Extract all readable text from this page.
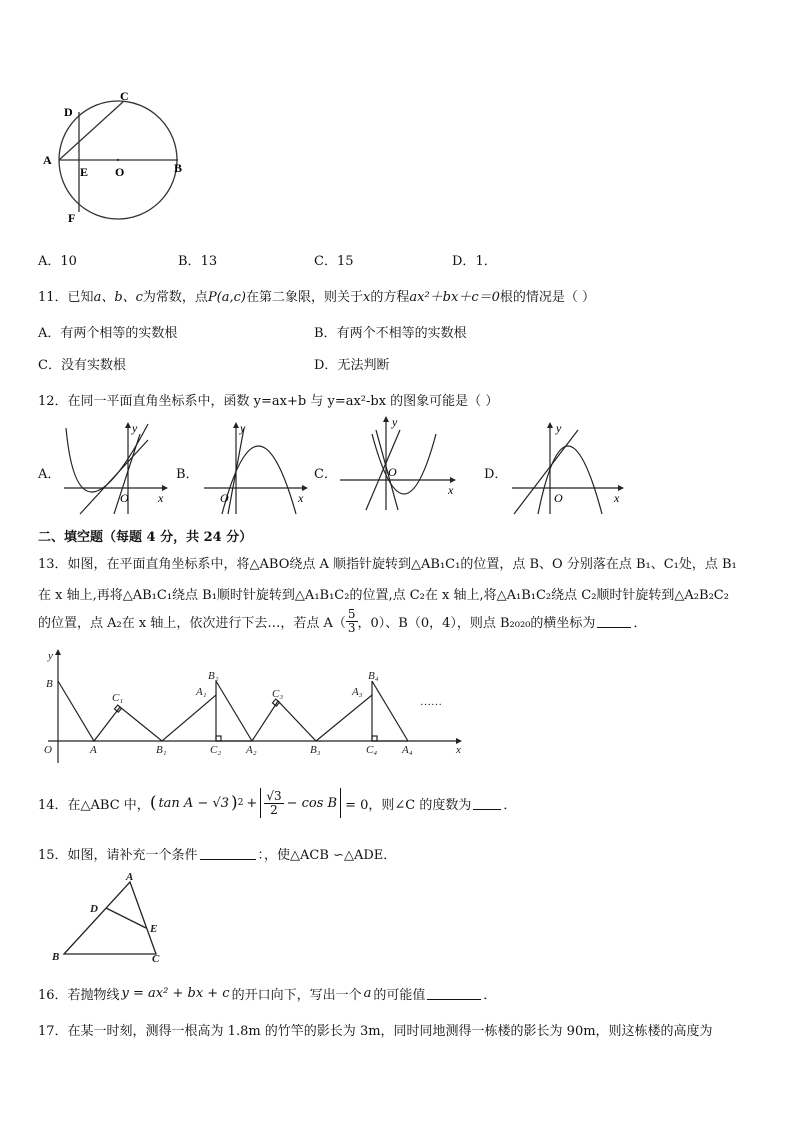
C
D
A
E O	B
F
A．10	B．13	C．15	D．1．
11．已知a、b、c为常数，点P(a,c)在第二象限，则关于x的方程ax²＋bx＋c＝0根的情况是（ ）
A．有两个相等的实数根	B．有两个不相等的实数根
C．没有实数根	D．无法判断
12．在同一平面直角坐标系中，函数 y=ax+b 与 y=ax²-bx 的图象可能是（ ）
A．	B．	C．	D．
y
x
O
y
x
O
y
x
O
y
x
O
二、填空题（每题 4 分，共 24 分）
13．如图，在平面直角坐标系中，将△ABO绕点 A 顺指针旋转到△AB₁C₁的位置，点 B、O 分别落在点 B₁、C₁处，点 B₁
在 x 轴上,再将△AB₁C₁绕点 B₁顺时针旋转到△A₁B₁C₂的位置,点 C₂在 x 轴上,将△A₁B₁C₂绕点 C₂顺时针旋转到△A₂B₂C₂
的位置，点 A₂在 x 轴上，依次进行下去…，若点 $A( \frac{5}{3}$ ，0）、B（0，4），则点 B₂₀₂₀的横坐标为	．
y
x
O	A
B
B₁
C₁	A₁
B₂
C₂ A₂
C₃
B₃
A₃
B₄
C₄ A₄
……
14．在△ABC 中， ( tan A − √3 ) $2 + \frac{√3}{2} - \cos B = 0$，则∠C 的度数为 ．
15．如图，请补充一个条件	：，使△ACB ∽△ADE．
A
D
E
B	C
16．若抛物线 y = ax² + bx + c 的开口向下，写出一个 a 的可能值	．
17．在某一时刻，测得一根高为 1.8m 的竹竿的影长为 3m，同时同地测得一栋楼的影长为 90m，则这栋楼的高度为
